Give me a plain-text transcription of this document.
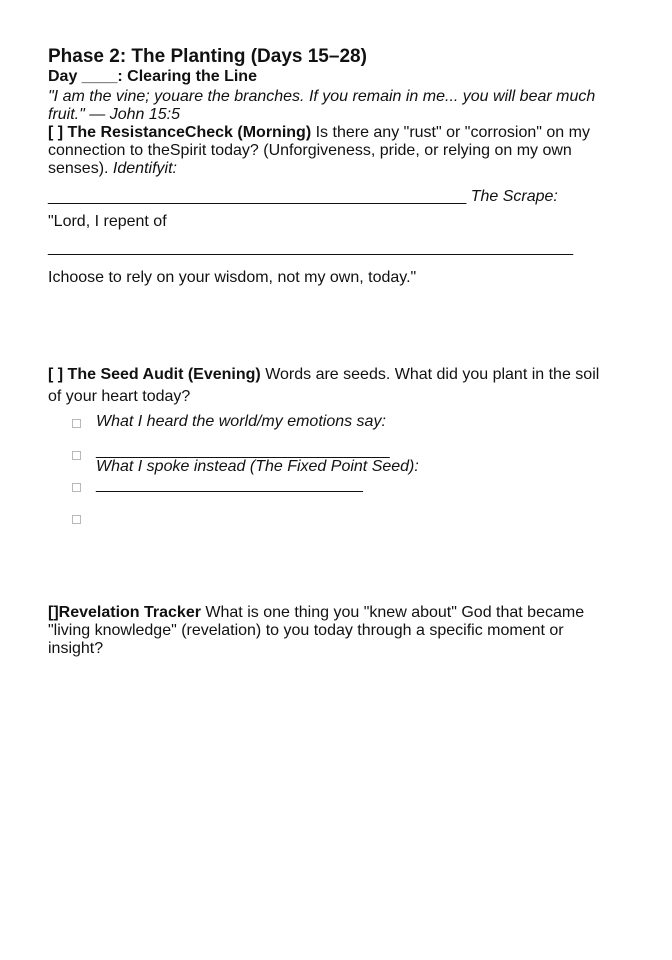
Phase 2: The Planting (Days 15–28)
Day ____: Clearing the Line
"I am the vine; youare the branches. If you remain in me... you will bear much fruit." — John 15:5
[ ] The ResistanceCheck (Morning) Is there any "rust" or "corrosion" on my connection to theSpirit today? (Unforgiveness, pride, or relying on my own senses). Identifyit:
_______________________________________________ The Scrape:
"Lord, I repent of
___________________________________________________________
Ichoose to rely on your wisdom, not my own, today."
[ ] The Seed Audit (Evening) Words are seeds. What did you plant in the soil of your heart today?
What I heard the world/my emotions say:
_________________________________
What I spoke instead (The Fixed Point Seed):
______________________________
[]Revelation Tracker What is one thing you "knew about" God that became "living knowledge" (revelation) to you today through a specific moment or insight?
